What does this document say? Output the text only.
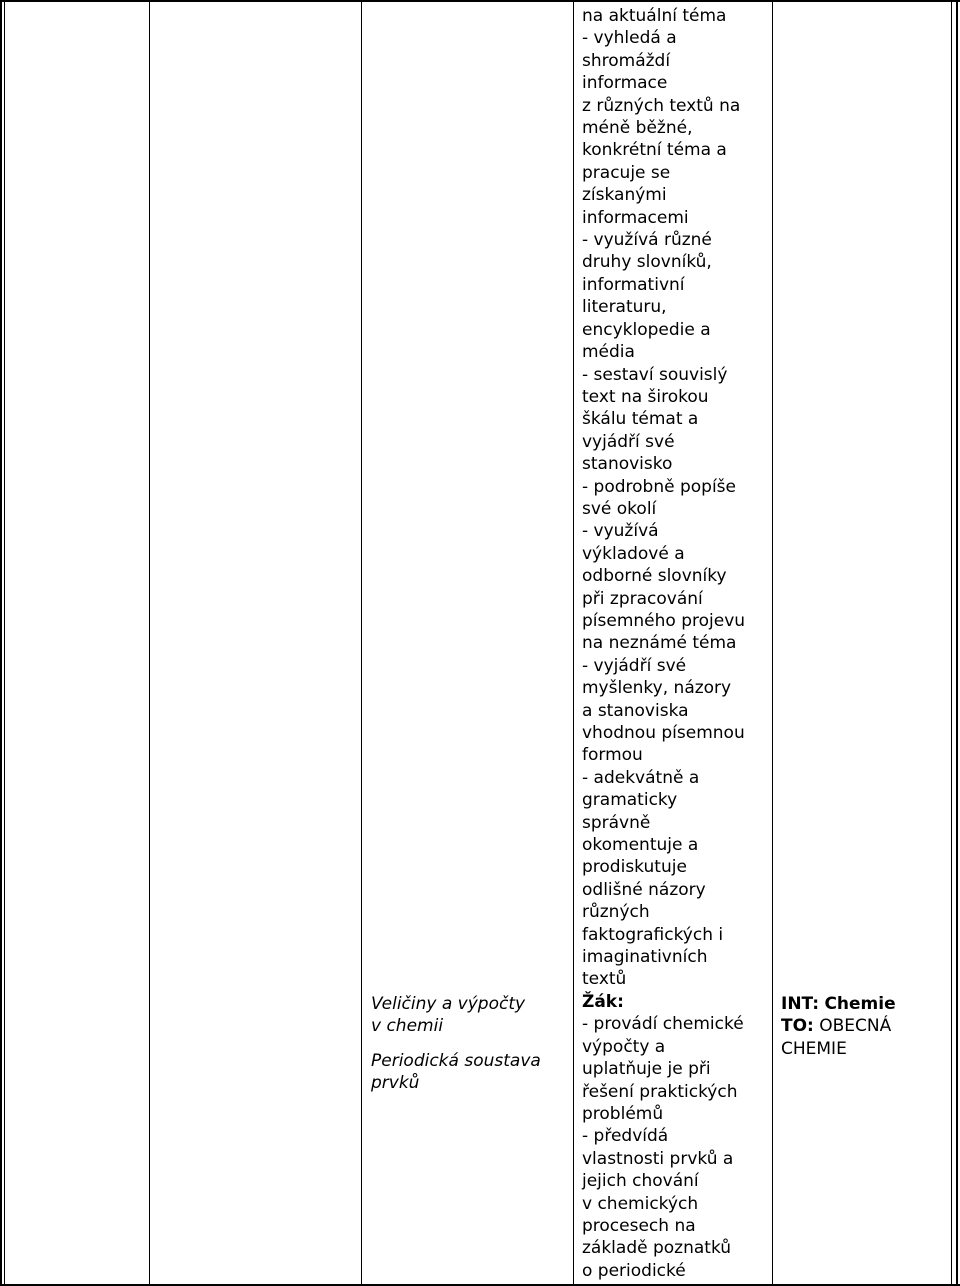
Veličiny a výpočty
v chemii
Periodická soustava
prvků
na aktuální téma
- vyhledá a
shromáždí
informace
z různých textů na
méně běžné,
konkrétní téma a
pracuje se
získanými
informacemi
- využívá různé
druhy slovníků,
informativní
literaturu,
encyklopedie a
média
- sestaví souvislý
text na širokou
škálu témat a
vyjádří své
stanovisko
- podrobně popíše
své okolí
- využívá
výkladové a
odborné slovníky
při zpracování
písemného projevu
na neznámé téma
- vyjádří své
myšlenky, názory
a stanoviska
vhodnou písemnou
formou
- adekvátně a
gramaticky
správně
okomentuje a
prodiskutuje
odlišné názory
různých
faktografických i
imaginativních
textů
Žák:
- provádí chemické
výpočty a
uplatňuje je při
řešení praktických
problémů
- předvídá
vlastnosti prvků a
jejich chování
v chemických
procesech na
základě poznatků
o periodické
INT: Chemie
TO: OBECNÁ
CHEMIE
